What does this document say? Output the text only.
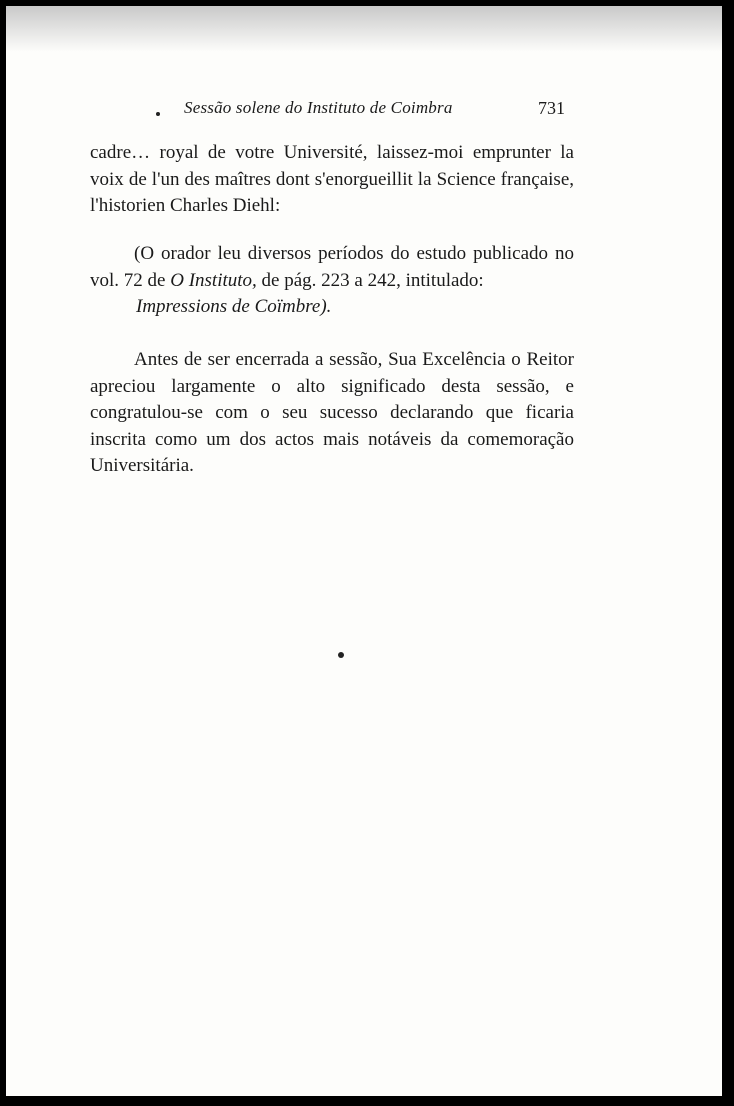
Sessão solene do Instituto de Coimbra	731
cadre… royal de votre Université, laissez-moi emprunter la voix de l'un des maîtres dont s'enorgueillit la Science française, l'historien Charles Diehl:
(O orador leu diversos períodos do estudo publicado no vol. 72 de O Instituto, de pág. 223 a 242, intitulado:
Impressions de Coïmbre).
Antes de ser encerrada a sessão, Sua Excelência o Reitor apreciou largamente o alto significado desta sessão, e congratulou-se com o seu sucesso declarando que ficaria inscrita como um dos actos mais notáveis da comemoração Universitária.
